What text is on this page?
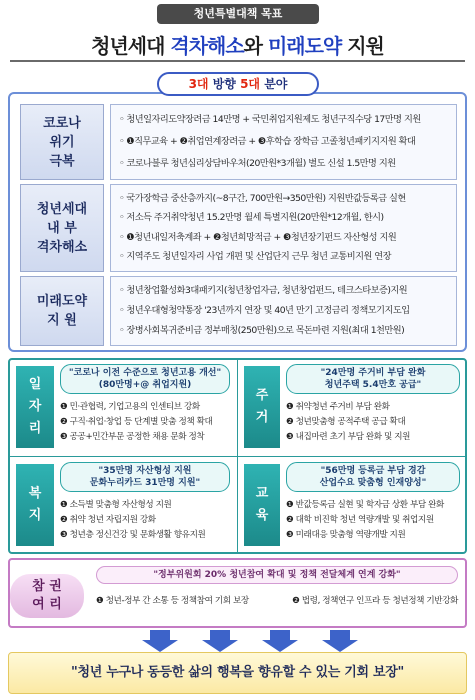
청년특별대책 목표
청년세대 격차해소와 미래도약 지원
3대 방향 5대 분야
코로나
위기
극복
◦ 청년일자리도약장려금 14만명 + 국민취업지원제도 청년구직수당 17만명 지원
◦ ❶직무교육 + ❷취업연계장려금 + ❸후학습 장학금 고졸청년패키지지원 확대
◦ 코로나블루 청년심리상담바우처(20만원*3개월) 별도 신설 1.5만명 지원
청년세대
내 부
격차해소
◦ 국가장학금 중산층까지(~8구간, 700만원→350만원) 지원반값등록금 실현
◦ 저소득 주거취약청년 15.2만명 월세 특별지원(20만원*12개월, 한시)
◦ ❶청년내일저축계좌 + ❷청년희망적금 + ❸청년장기펀드 자산형성 지원
◦ 지역주도 청년일자리 사업 개편 및 산업단지 근무 청년 교통비지원 연장
미래도약
지 원
◦ 청년창업활성화3대패키지(청년창업자금, 청년창업펀드, 테크스타보증)지원
◦ 청년우대형청약통장 '23년까지 연장 및 40년 만기 고정금리 정책모기지도입
◦ 장병사회복귀준비금 정부매칭(250만원)으로 목돈마련 지원(최대 1천만원)
일
자
리
"코로나 이전 수준으로 청년고용 개선"
(80만명+@ 취업지원)
❶ 민·관협력, 기업고용의 인센티브 강화
❷ 구직·취업·창업 등 단계별 맞춤 정책 확대
❸ 공공+민간부문 공정한 채용 문화 정착
주
거
"24만명 주거비 부담 완화
청년주택 5.4만호 공급"
❶ 취약청년 주거비 부담 완화
❷ 청년맞춤형 공적주택 공급 확대
❸ 내집마련 초기 부담 완화 및 지원
복
지
"35만명 자산형성 지원
문화누리카드 31만명 지원"
❶ 소득별 맞춤형 자산형성 지원
❷ 취약 청년 자립지원 강화
❸ 청년층 정신건강 및 문화생활 향유지원
교
육
"56만명 등록금 부담 경감
산업수요 맞춤형 인재양성"
❶ 반값등록금 실현 및 학자금 상환 부담 완화
❷ 대학 비진학 청년 역량개발 및 취업지원
❸ 미래대응 맞춤형 역량개발 지원
참 권
여 리
"정부위원회 20% 청년참여 확대 및 정책 전달체계 연계 강화"
❶ 청년-정부 간 소통 등 정책참여 기회 보장	❷ 법령, 정책연구 인프라 등 청년정책 기반강화
"청년 누구나 동등한 삶의 행복을 향유할 수 있는 기회 보장"
